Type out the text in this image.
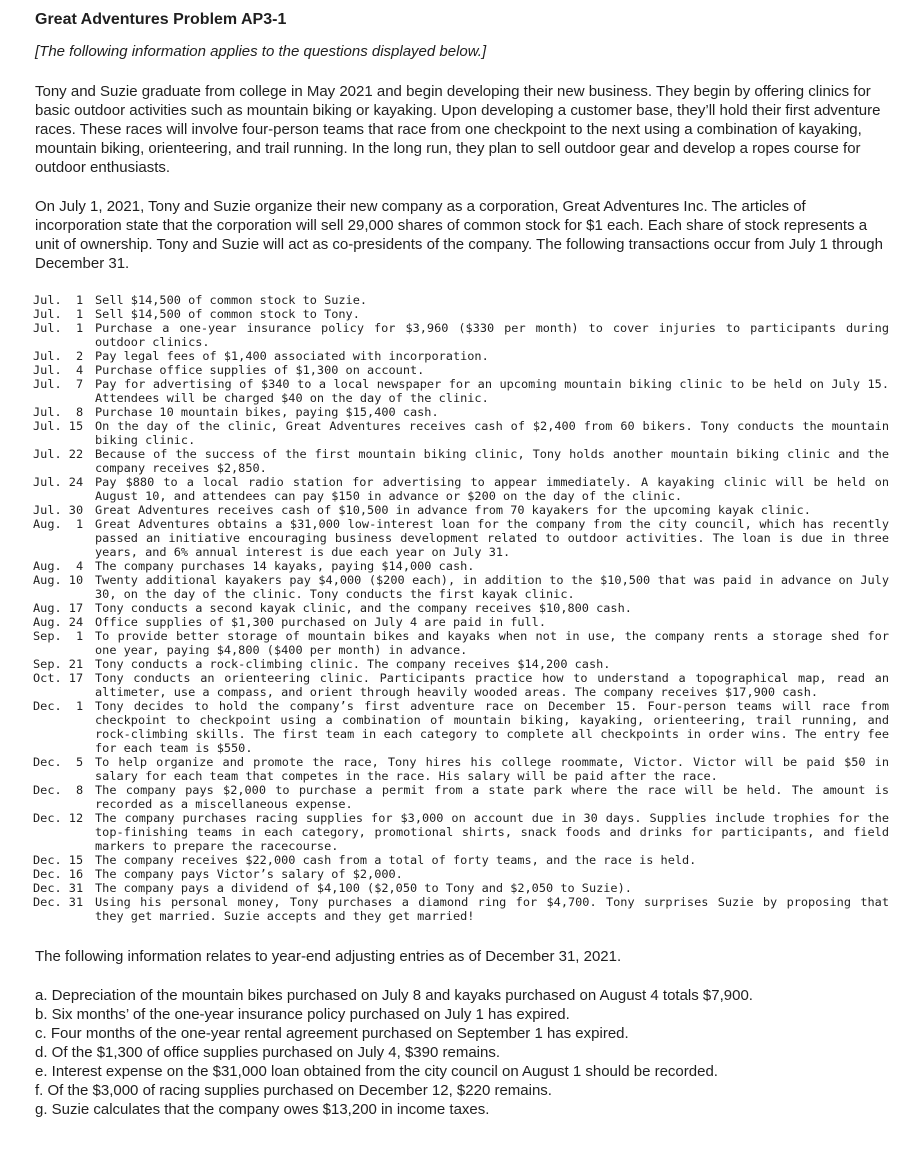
Great Adventures Problem AP3-1

[The following information applies to the questions displayed below.]

Tony and Suzie graduate from college in May 2021 and begin developing their new business. They begin by offering clinics for basic outdoor activities such as mountain biking or kayaking. Upon developing a customer base, they’ll hold their first adventure races. These races will involve four-person teams that race from one checkpoint to the next using a combination of kayaking, mountain biking, orienteering, and trail running. In the long run, they plan to sell outdoor gear and develop a ropes course for outdoor enthusiasts.

On July 1, 2021, Tony and Suzie organize their new company as a corporation, Great Adventures Inc. The articles of incorporation state that the corporation will sell 29,000 shares of common stock for $1 each. Each share of stock represents a unit of ownership. Tony and Suzie will act as co-presidents of the company. The following transactions occur from July 1 through December 31.

Jul.  1 Sell $14,500 of common stock to Suzie.
Jul.  1 Sell $14,500 of common stock to Tony.
Jul.  1 Purchase a one-year insurance policy for $3,960 ($330 per month) to cover injuries to participants during outdoor clinics.
Jul.  2 Pay legal fees of $1,400 associated with incorporation.
Jul.  4 Purchase office supplies of $1,300 on account.
Jul.  7 Pay for advertising of $340 to a local newspaper for an upcoming mountain biking clinic to be held on July 15. Attendees will be charged $40 on the day of the clinic.
Jul.  8 Purchase 10 mountain bikes, paying $15,400 cash.
Jul. 15 On the day of the clinic, Great Adventures receives cash of $2,400 from 60 bikers. Tony conducts the mountain biking clinic.
Jul. 22 Because of the success of the first mountain biking clinic, Tony holds another mountain biking clinic and the company receives $2,850.
Jul. 24 Pay $880 to a local radio station for advertising to appear immediately. A kayaking clinic will be held on August 10, and attendees can pay $150 in advance or $200 on the day of the clinic.
Jul. 30 Great Adventures receives cash of $10,500 in advance from 70 kayakers for the upcoming kayak clinic.
Aug.  1 Great Adventures obtains a $31,000 low-interest loan for the company from the city council, which has recently passed an initiative encouraging business development related to outdoor activities. The loan is due in three years, and 6% annual interest is due each year on July 31.
Aug.  4 The company purchases 14 kayaks, paying $14,000 cash.
Aug. 10 Twenty additional kayakers pay $4,000 ($200 each), in addition to the $10,500 that was paid in advance on July 30, on the day of the clinic. Tony conducts the first kayak clinic.
Aug. 17 Tony conducts a second kayak clinic, and the company receives $10,800 cash.
Aug. 24 Office supplies of $1,300 purchased on July 4 are paid in full.
Sep.  1 To provide better storage of mountain bikes and kayaks when not in use, the company rents a storage shed for one year, paying $4,800 ($400 per month) in advance.
Sep. 21 Tony conducts a rock-climbing clinic. The company receives $14,200 cash.
Oct. 17 Tony conducts an orienteering clinic. Participants practice how to understand a topographical map, read an altimeter, use a compass, and orient through heavily wooded areas. The company receives $17,900 cash.
Dec.  1 Tony decides to hold the company’s first adventure race on December 15. Four-person teams will race from checkpoint to checkpoint using a combination of mountain biking, kayaking, orienteering, trail running, and rock-climbing skills. The first team in each category to complete all checkpoints in order wins. The entry fee for each team is $550.
Dec.  5 To help organize and promote the race, Tony hires his college roommate, Victor. Victor will be paid $50 in salary for each team that competes in the race. His salary will be paid after the race.
Dec.  8 The company pays $2,000 to purchase a permit from a state park where the race will be held. The amount is recorded as a miscellaneous expense.
Dec. 12 The company purchases racing supplies for $3,000 on account due in 30 days. Supplies include trophies for the top-finishing teams in each category, promotional shirts, snack foods and drinks for participants, and field markers to prepare the racecourse.
Dec. 15 The company receives $22,000 cash from a total of forty teams, and the race is held.
Dec. 16 The company pays Victor’s salary of $2,000.
Dec. 31 The company pays a dividend of $4,100 ($2,050 to Tony and $2,050 to Suzie).
Dec. 31 Using his personal money, Tony purchases a diamond ring for $4,700. Tony surprises Suzie by proposing that they get married. Suzie accepts and they get married!

The following information relates to year-end adjusting entries as of December 31, 2021.

a. Depreciation of the mountain bikes purchased on July 8 and kayaks purchased on August 4 totals $7,900.

b. Six months’ of the one-year insurance policy purchased on July 1 has expired.

c. Four months of the one-year rental agreement purchased on September 1 has expired.

d. Of the $1,300 of office supplies purchased on July 4, $390 remains.

e. Interest expense on the $31,000 loan obtained from the city council on August 1 should be recorded.

f. Of the $3,000 of racing supplies purchased on December 12, $220 remains.

g. Suzie calculates that the company owes $13,200 in income taxes.
